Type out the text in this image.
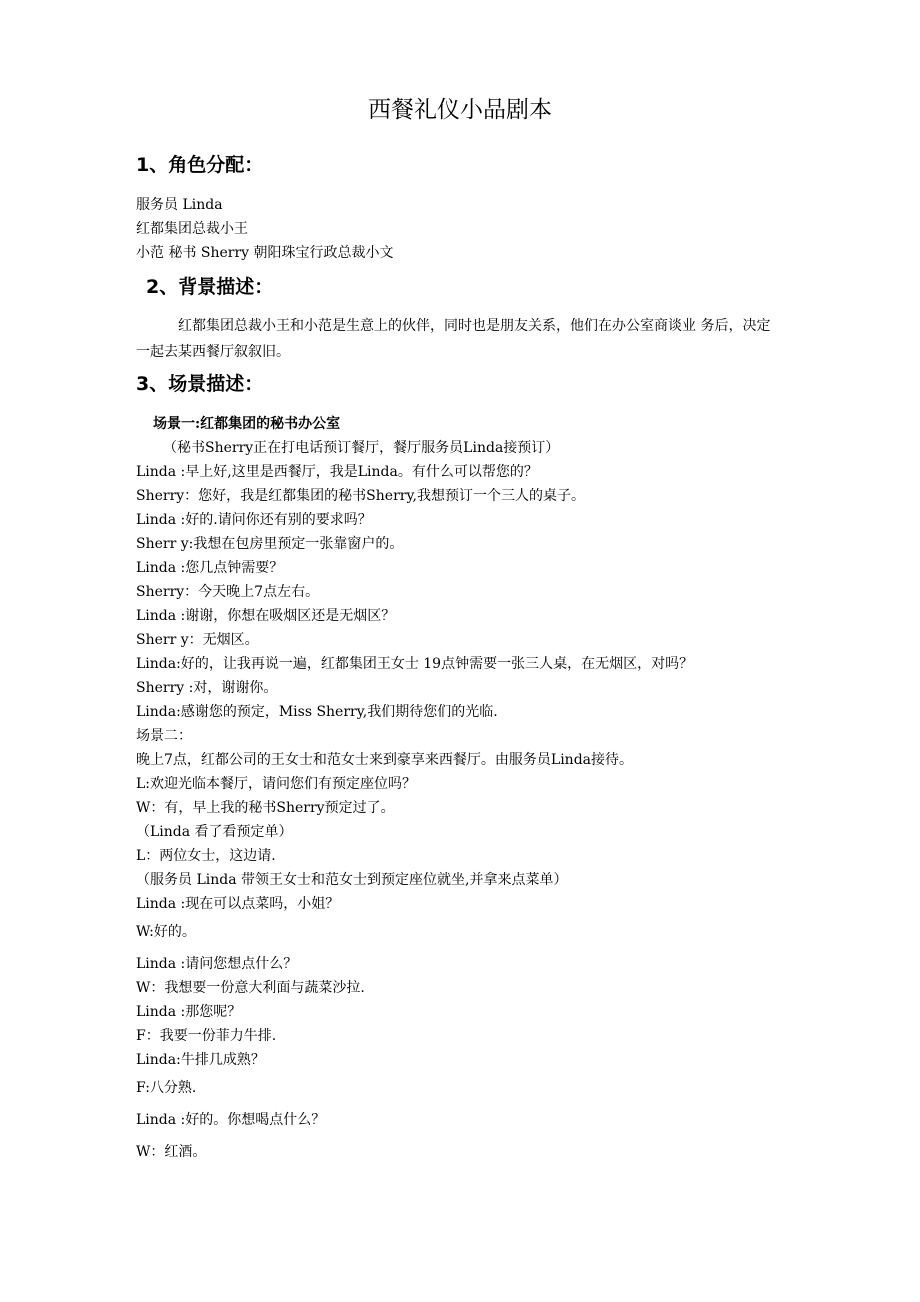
西餐礼仪小品剧本
1、角色分配：
服务员 Linda
红都集团总裁小王
小范 秘书 Sherry 朝阳珠宝行政总裁小文
2、背景描述：
红都集团总裁小王和小范是生意上的伙伴，同时也是朋友关系，他们在办公室商谈业 务后，决定一起去某西餐厅叙叙旧。
3、场景描述：
场景一:红都集团的秘书办公室
（秘书Sherry正在打电话预订餐厅，餐厅服务员Linda接预订）
Linda :早上好,这里是西餐厅，我是Linda。有什么可以帮您的？
Sherry：您好，我是红都集团的秘书Sherry,我想预订一个三人的桌子。
Linda :好的.请问你还有别的要求吗？
Sherr y:我想在包房里预定一张靠窗户的。
Linda :您几点钟需要？
Sherry：今天晚上7点左右。
Linda :谢谢，你想在吸烟区还是无烟区？
Sherr y：无烟区。
Linda:好的，让我再说一遍，红都集团王女士 19点钟需要一张三人桌，在无烟区，对吗？
Sherry :对，谢谢你。
Linda:感谢您的预定，Miss Sherry,我们期待您们的光临.
场景二：
晚上7点，红都公司的王女士和范女士来到豪享来西餐厅。由服务员Linda接待。
L:欢迎光临本餐厅，请问您们有预定座位吗？
W：有，早上我的秘书Sherry预定过了。
（Linda 看了看预定单）
L：两位女士，这边请.
（服务员 Linda 带领王女士和范女士到预定座位就坐,并拿来点菜单）
Linda :现在可以点菜吗，小姐？
W:好的。
Linda :请问您想点什么？
W：我想要一份意大利面与蔬菜沙拉.
Linda :那您呢？
F：我要一份菲力牛排.
Linda:牛排几成熟？
F:八分熟.
Linda :好的。你想喝点什么？
W：红酒。
